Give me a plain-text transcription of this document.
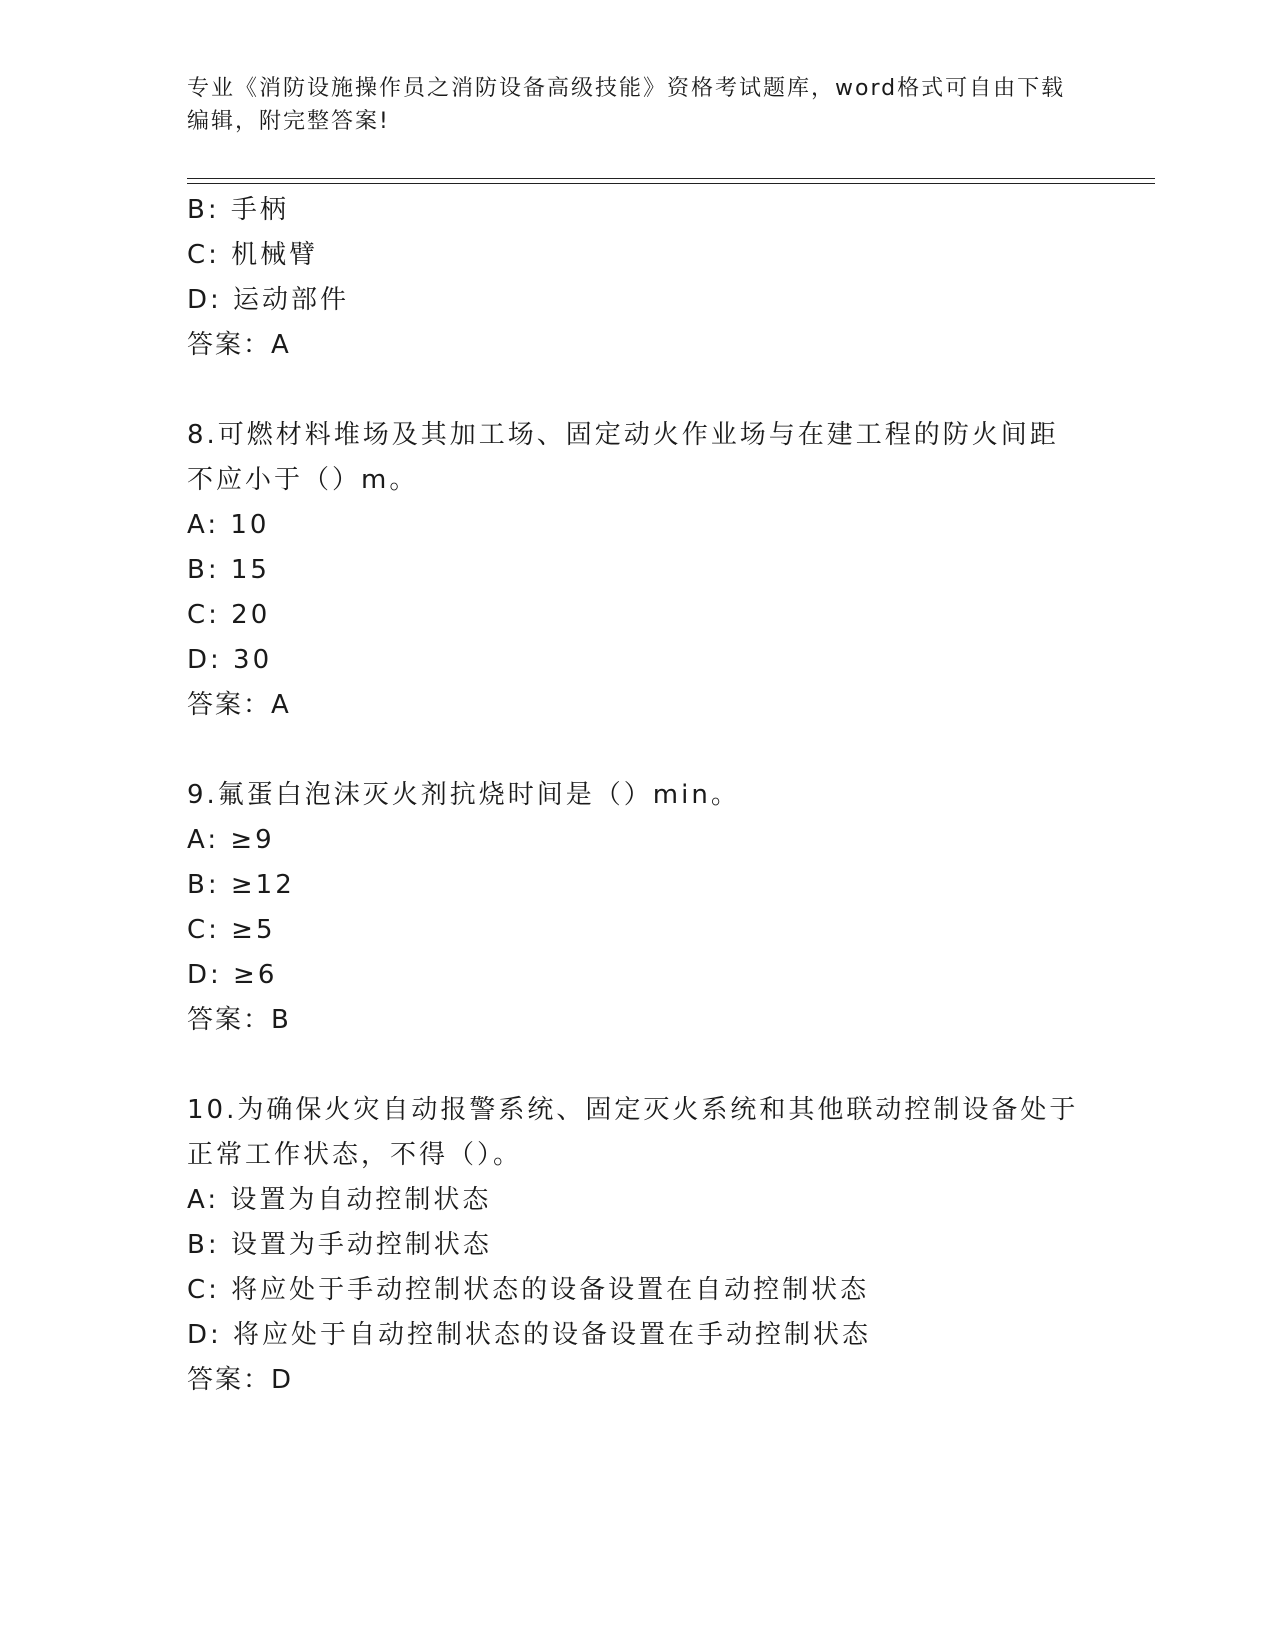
专业《消防设施操作员之消防设备高级技能》资格考试题库，word格式可自由下载编辑，附完整答案!
B: 手柄
C: 机械臂
D: 运动部件
答案：A
8.可燃材料堆场及其加工场、固定动火作业场与在建工程的防火间距
不应小于（）m。
A: 10
B: 15
C: 20
D: 30
答案：A
9.氟蛋白泡沫灭火剂抗烧时间是（）min。
A: ≥9
B: ≥12
C: ≥5
D: ≥6
答案：B
10.为确保火灾自动报警系统、固定灭火系统和其他联动控制设备处于
正常工作状态，不得（）。
A: 设置为自动控制状态
B: 设置为手动控制状态
C: 将应处于手动控制状态的设备设置在自动控制状态
D: 将应处于自动控制状态的设备设置在手动控制状态
答案：D
